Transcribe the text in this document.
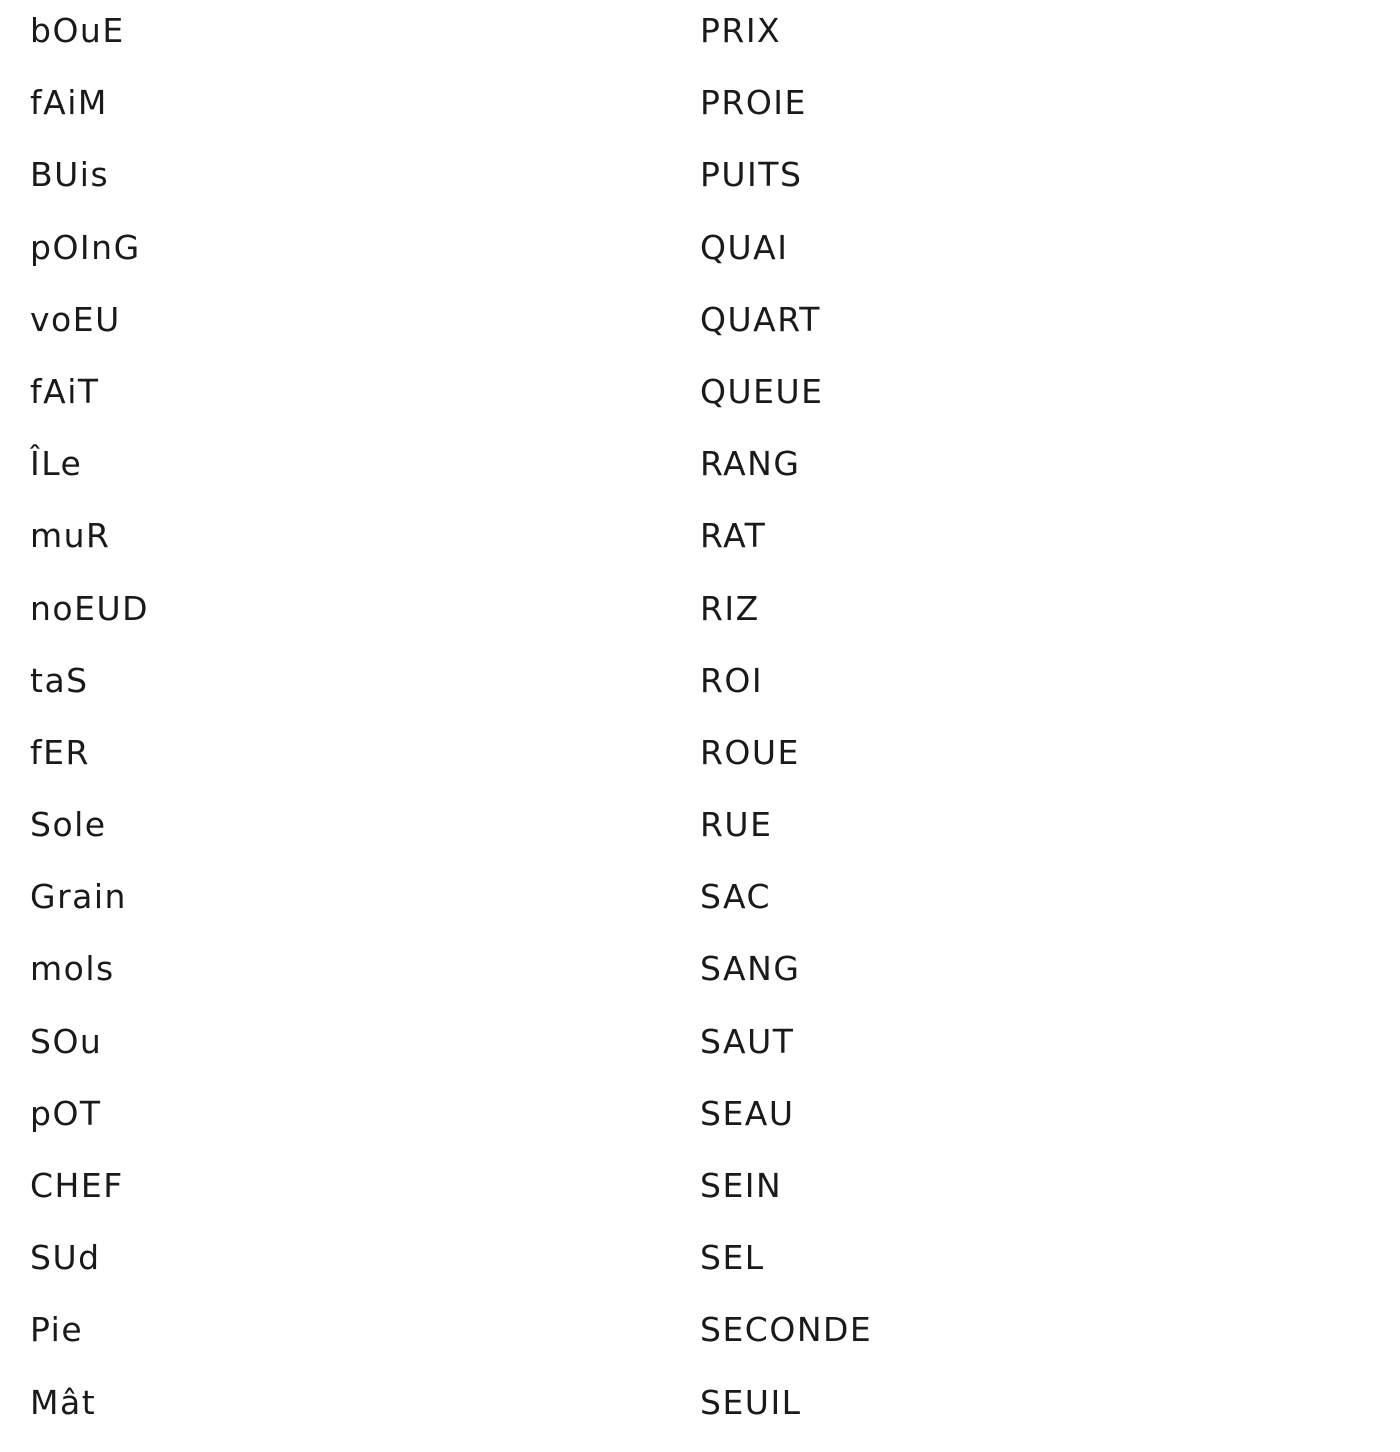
bOuE
fAiM
BUis
pOInG
voEU
fAiT
ÎLe
muR
noEUD
taS
fER
Sole
Grain
mols
SOu
pOT
CHEF
SUd
Pie
Mât
PRIX
PROIE
PUITS
QUAI
QUART
QUEUE
RANG
RAT
RIZ
ROI
ROUE
RUE
SAC
SANG
SAUT
SEAU
SEIN
SEL
SECONDE
SEUIL
